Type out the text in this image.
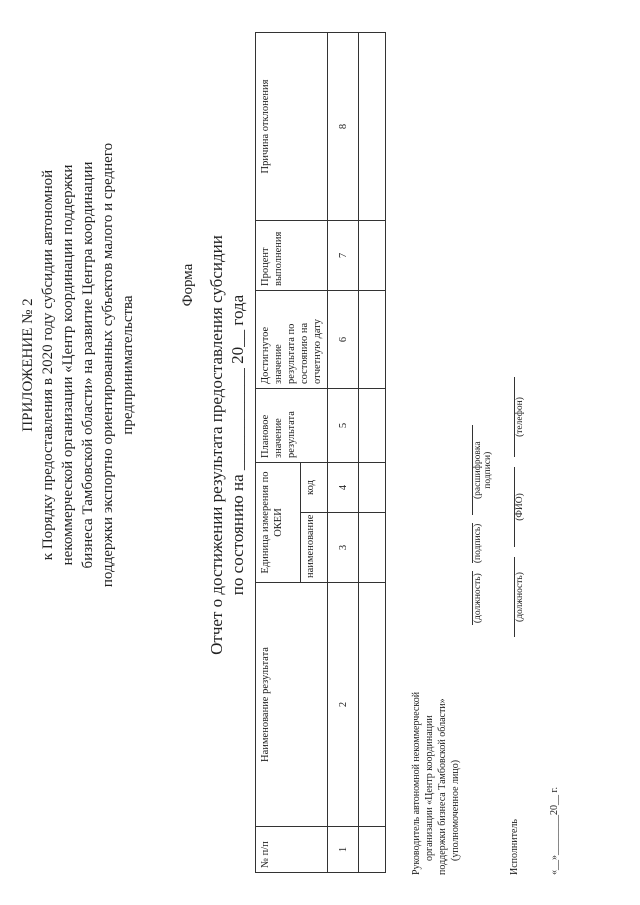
ПРИЛОЖЕНИЕ № 2 к Порядку предоставления в 2020 году субсидии автономной некоммерческой организации «Центр координации поддержки бизнеса Тамбовской области» на развитие Центра координации поддержки экспортно ориентированных субъектов малого и среднего предпринимательства
Форма Отчет о достижении результата предоставления субсидии по состоянию на ____________ 20__ года
№ п/п	Наименование результата	Единица измерения по ОКЕИ		Плановое значение результата	Достигнутое значение результата по состоянию на отчетную дату	Процент выполнения	Причина отклонения
		наименование	код				
1	2	3	4	5	6	7	8

Руководитель автономной некоммерческой организации «Центр координации поддержки бизнеса Тамбовской области» (уполномоченное лицо)
(должность)
(подпись)
(расшифровка подписи)
Исполнитель
(должность)
(ФИО)
(телефон)
«__»________20__ г.
